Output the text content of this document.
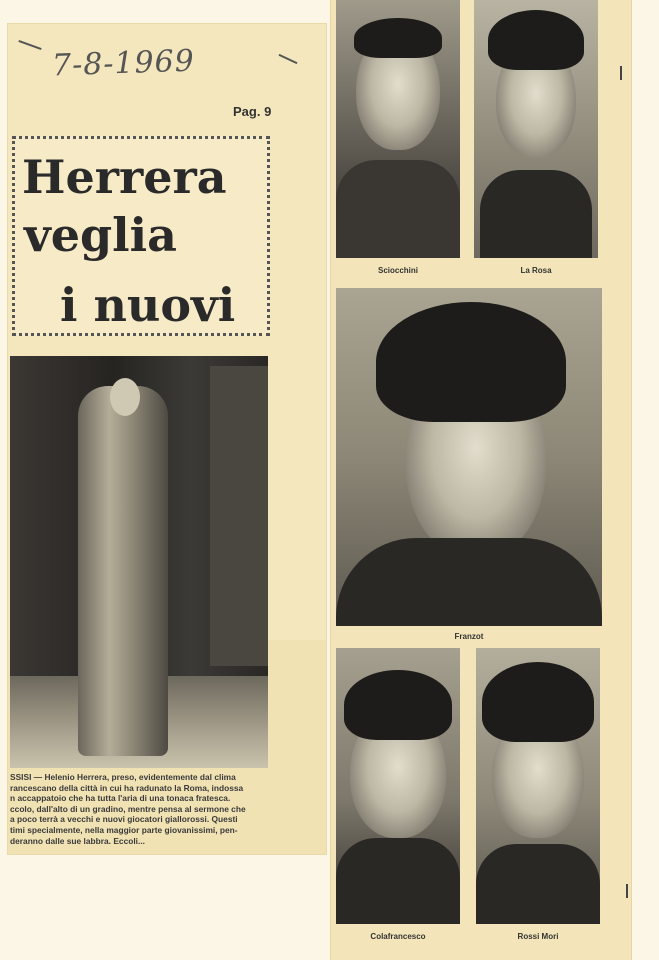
7-8-1969
Pag. 9
Herrera
veglia
i nuovi
SSISI — Helenio Herrera, preso, evidentemente dal clima
rancescano della città in cui ha radunato la Roma, indossa
n accappatoio che ha tutta l'aria di una tonaca fratesca.
ccolo, dall'alto di un gradino, mentre pensa al sermone che
a poco terrà a vecchi e nuovi giocatori giallorossi. Questi
timi specialmente, nella maggior parte giovanissimi, pen-
deranno dalle sue labbra. Eccoli...
Sciocchini	La Rosa
Franzot
Colafrancesco	Rossi Mori
